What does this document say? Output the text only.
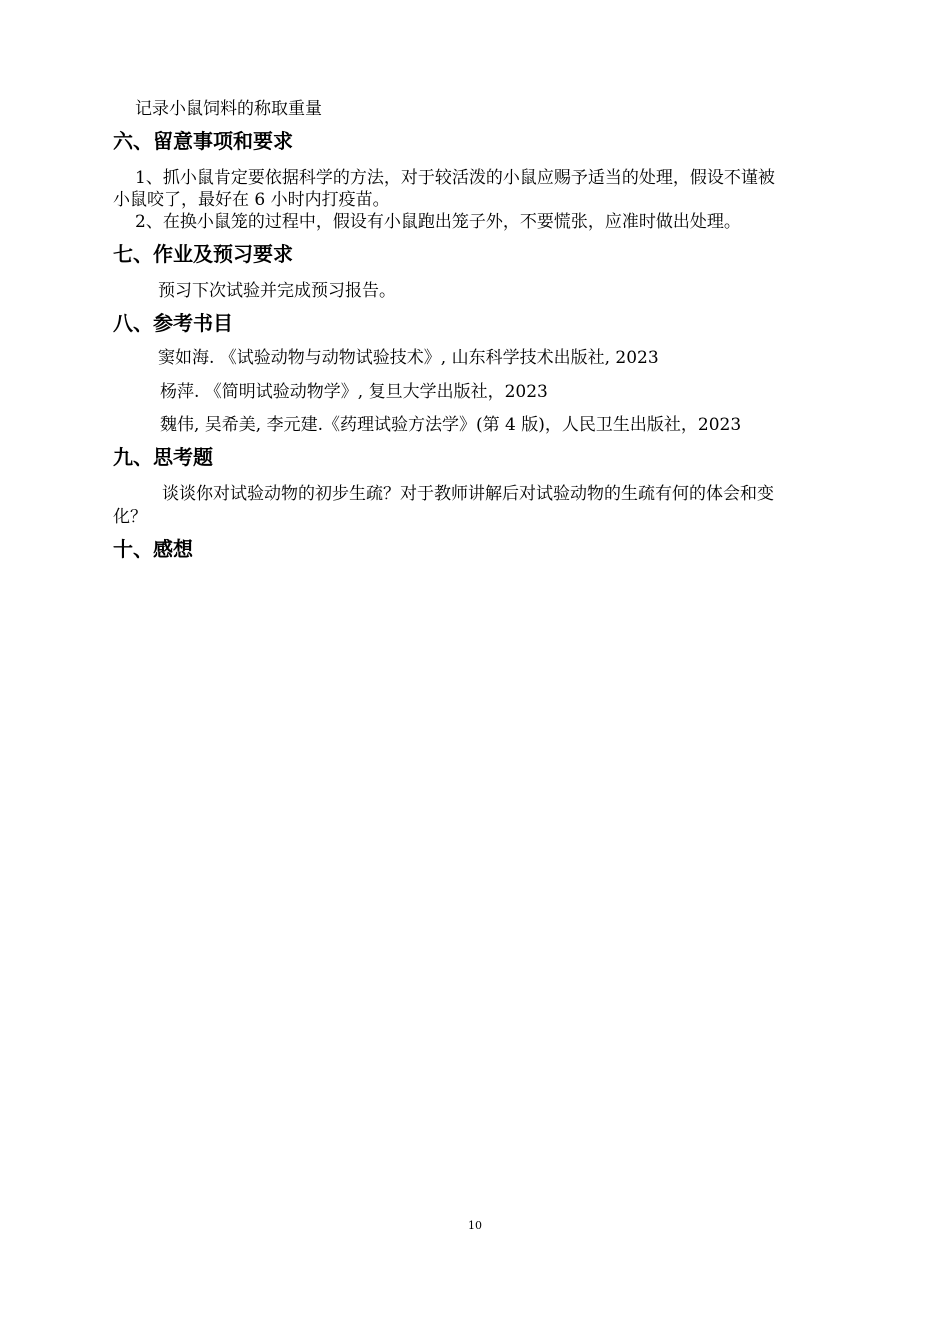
记录小鼠饲料的称取重量
六、留意事项和要求
1、抓小鼠肯定要依据科学的方法，对于较活泼的小鼠应赐予适当的处理，假设不谨被
小鼠咬了，最好在 6 小时内打疫苗。
2、在换小鼠笼的过程中，假设有小鼠跑出笼子外，不要慌张，应准时做出处理。
七、作业及预习要求
预习下次试验并完成预习报告。
八、参考书目
窦如海. 《试验动物与动物试验技术》, 山东科学技术出版社, 2023
杨萍. 《简明试验动物学》, 复旦大学出版社，2023
魏伟, 吴希美, 李元建.《药理试验方法学》(第 4 版)，人民卫生出版社，2023
九、思考题
谈谈你对试验动物的初步生疏？对于教师讲解后对试验动物的生疏有何的体会和变
化？
十、感想
10
